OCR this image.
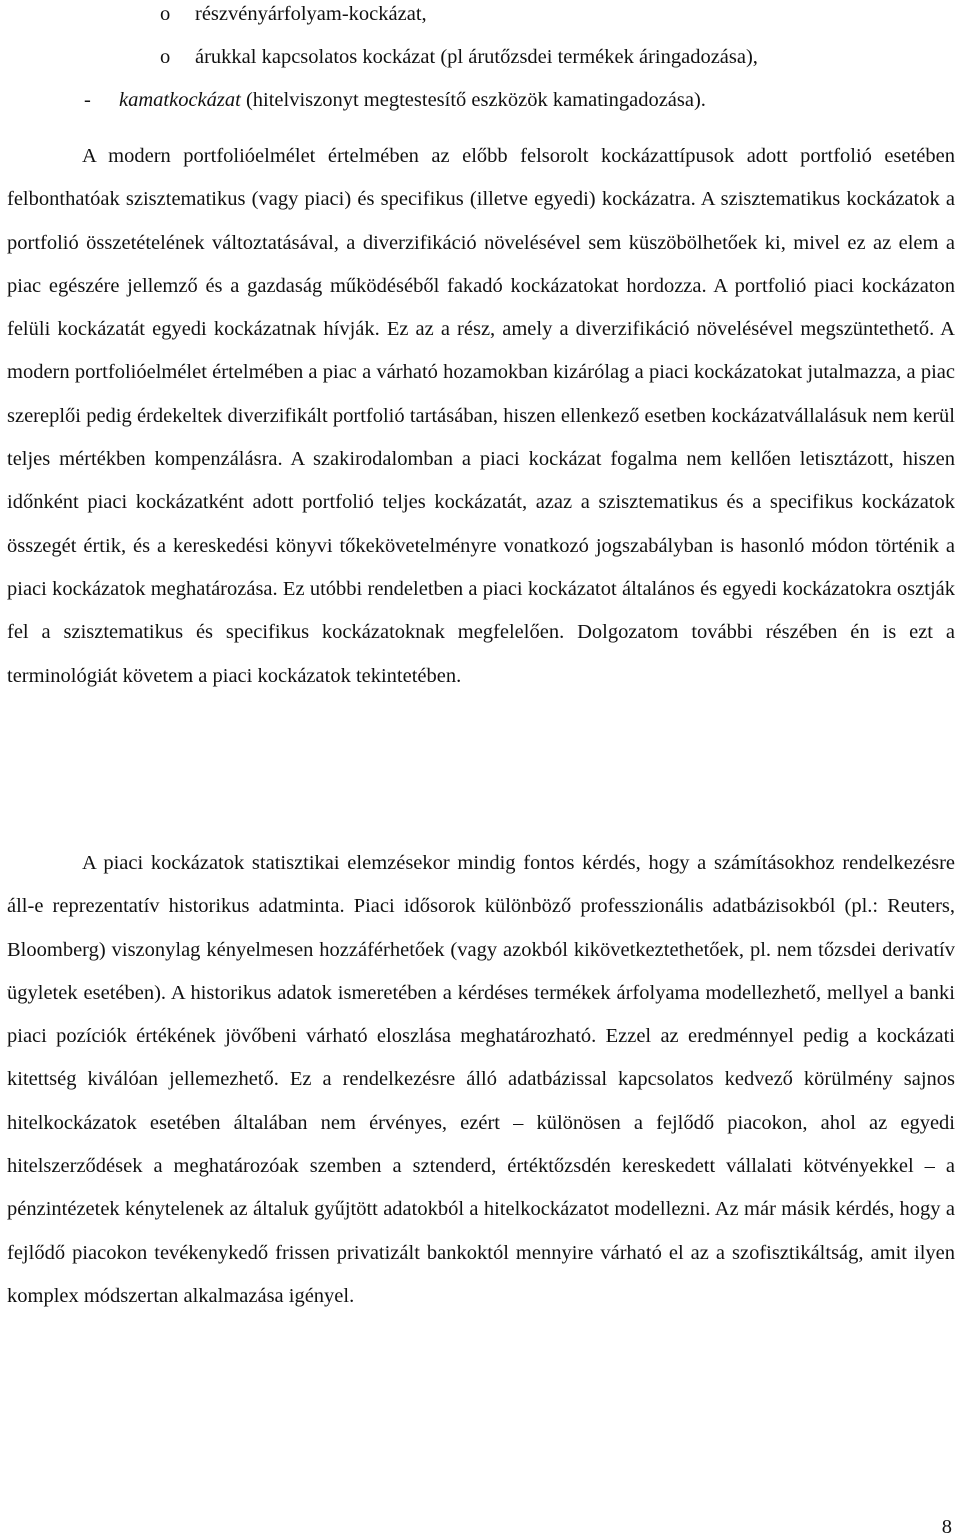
o részvényárfolyam-kockázat,
o árukkal kapcsolatos kockázat (pl árutőzsdei termékek áringadozása),
- kamatkockázat (hitelviszonyt megtestesítő eszközök kamatingadozása).

A modern portfolióelmélet értelmében az előbb felsorolt kockázattípusok adott portfolió esetében felbonthatóak szisztematikus (vagy piaci) és specifikus (illetve egyedi) kockázatra. A szisztematikus kockázatok a portfolió összetételének változtatásával, a diverzifikáció növelésével sem küszöbölhetőek ki, mivel ez az elem a piac egészére jellemző és a gazdaság működéséből fakadó kockázatokat hordozza. A portfolió piaci kockázaton felüli kockázatát egyedi kockázatnak hívják. Ez az a rész, amely a diverzifikáció növelésével megszüntethető. A modern portfolióelmélet értelmében a piac a várható hozamokban kizárólag a piaci kockázatokat jutalmazza, a piac szereplői pedig érdekeltek diverzifikált portfolió tartásában, hiszen ellenkező esetben kockázatvállalásuk nem kerül teljes mértékben kompenzálásra. A szakirodalomban a piaci kockázat fogalma nem kellően letisztázott, hiszen időnként piaci kockázatként adott portfolió teljes kockázatát, azaz a szisztematikus és a specifikus kockázatok összegét értik, és a kereskedési könyvi tőkekövetelményre vonatkozó jogszabályban is hasonló módon történik a piaci kockázatok meghatározása. Ez utóbbi rendeletben a piaci kockázatot általános és egyedi kockázatokra osztják fel a szisztematikus és specifikus kockázatoknak megfelelően. Dolgozatom további részében én is ezt a terminológiát követem a piaci kockázatok tekintetében.

A piaci kockázatok statisztikai elemzésekor mindig fontos kérdés, hogy a számításokhoz rendelkezésre áll-e reprezentatív historikus adatminta. Piaci idősorok különböző professzionális adatbázisokból (pl.: Reuters, Bloomberg) viszonylag kényelmesen hozzáférhetőek (vagy azokból kikövetkeztethetőek, pl. nem tőzsdei derivatív ügyletek esetében). A historikus adatok ismeretében a kérdéses termékek árfolyama modellezhető, mellyel a banki piaci pozíciók értékének jövőbeni várható eloszlása meghatározható. Ezzel az eredménnyel pedig a kockázati kitettség kiválóan jellemezhető. Ez a rendelkezésre álló adatbázissal kapcsolatos kedvező körülmény sajnos hitelkockázatok esetében általában nem érvényes, ezért – különösen a fejlődő piacokon, ahol az egyedi hitelszerződések a meghatározóak szemben a sztenderd, értéktőzsdén kereskedett vállalati kötvényekkel – a pénzintézetek kénytelenek az általuk gyűjtött adatokból a hitelkockázatot modellezni. Az már másik kérdés, hogy a fejlődő piacokon tevékenykedő frissen privatizált bankoktól mennyire várható el az a szofisztikáltság, amit ilyen komplex módszertan alkalmazása igényel.

8
